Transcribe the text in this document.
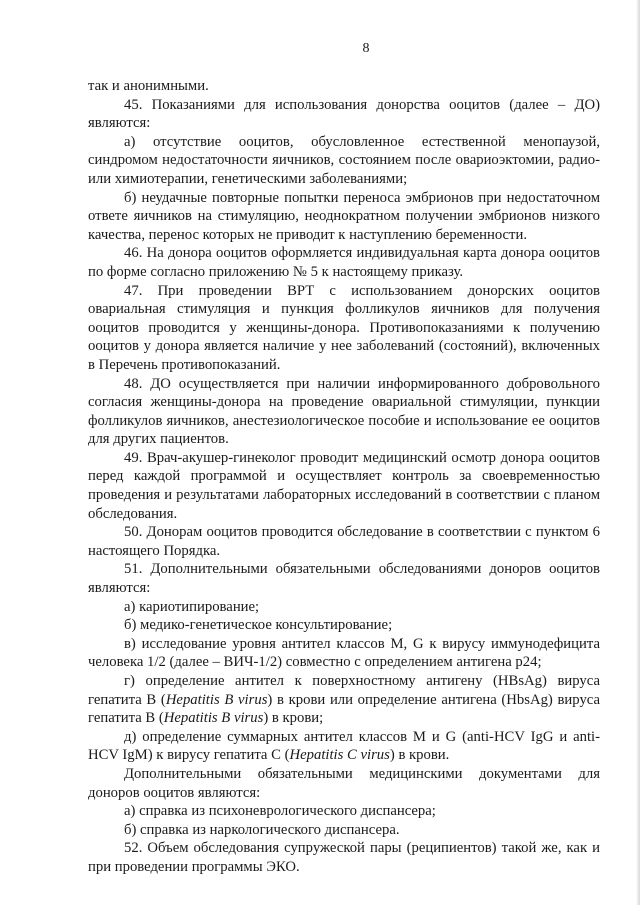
8

так и анонимными.

45. Показаниями для использования донорства ооцитов (далее – ДО) являются:

а) отсутствие ооцитов, обусловленное естественной менопаузой, синдромом недостаточности яичников, состоянием после овариоэктомии, радио- или химиотерапии, генетическими заболеваниями;

б) неудачные повторные попытки переноса эмбрионов при недостаточном ответе яичников на стимуляцию, неоднократном получении эмбрионов низкого качества, перенос которых не приводит к наступлению беременности.

46. На донора ооцитов оформляется индивидуальная карта донора ооцитов по форме согласно приложению № 5 к настоящему приказу.

47. При проведении ВРТ с использованием донорских ооцитов овариальная стимуляция и пункция фолликулов яичников для получения ооцитов проводится у женщины-донора. Противопоказаниями к получению ооцитов у донора является наличие у нее заболеваний (состояний), включенных в Перечень противопоказаний.

48. ДО осуществляется при наличии информированного добровольного согласия женщины-донора на проведение овариальной стимуляции, пункции фолликулов яичников, анестезиологическое пособие и использование ее ооцитов для других пациентов.

49. Врач-акушер-гинеколог проводит медицинский осмотр донора ооцитов перед каждой программой и осуществляет контроль за своевременностью проведения и результатами лабораторных исследований в соответствии с планом обследования.

50. Донорам ооцитов проводится обследование в соответствии с пунктом 6 настоящего Порядка.

51. Дополнительными обязательными обследованиями доноров ооцитов являются:

а) кариотипирование;

б) медико-генетическое консультирование;

в) исследование уровня антител классов М, G к вирусу иммунодефицита человека 1/2 (далее – ВИЧ-1/2) совместно с определением антигена р24;

г) определение антител к поверхностному антигену (HBsAg) вируса гепатита В (Hepatitis B virus) в крови или определение антигена (HbsAg) вируса гепатита В (Hepatitis B virus) в крови;

д) определение суммарных антител классов М и G (anti-HCV IgG и anti-HCV IgM) к вирусу гепатита С (Hepatitis C virus) в крови.

Дополнительными обязательными медицинскими документами для доноров ооцитов являются:

а) справка из психоневрологического диспансера;

б) справка из наркологического диспансера.

52. Объем обследования супружеской пары (реципиентов) такой же, как и при проведении программы ЭКО.
